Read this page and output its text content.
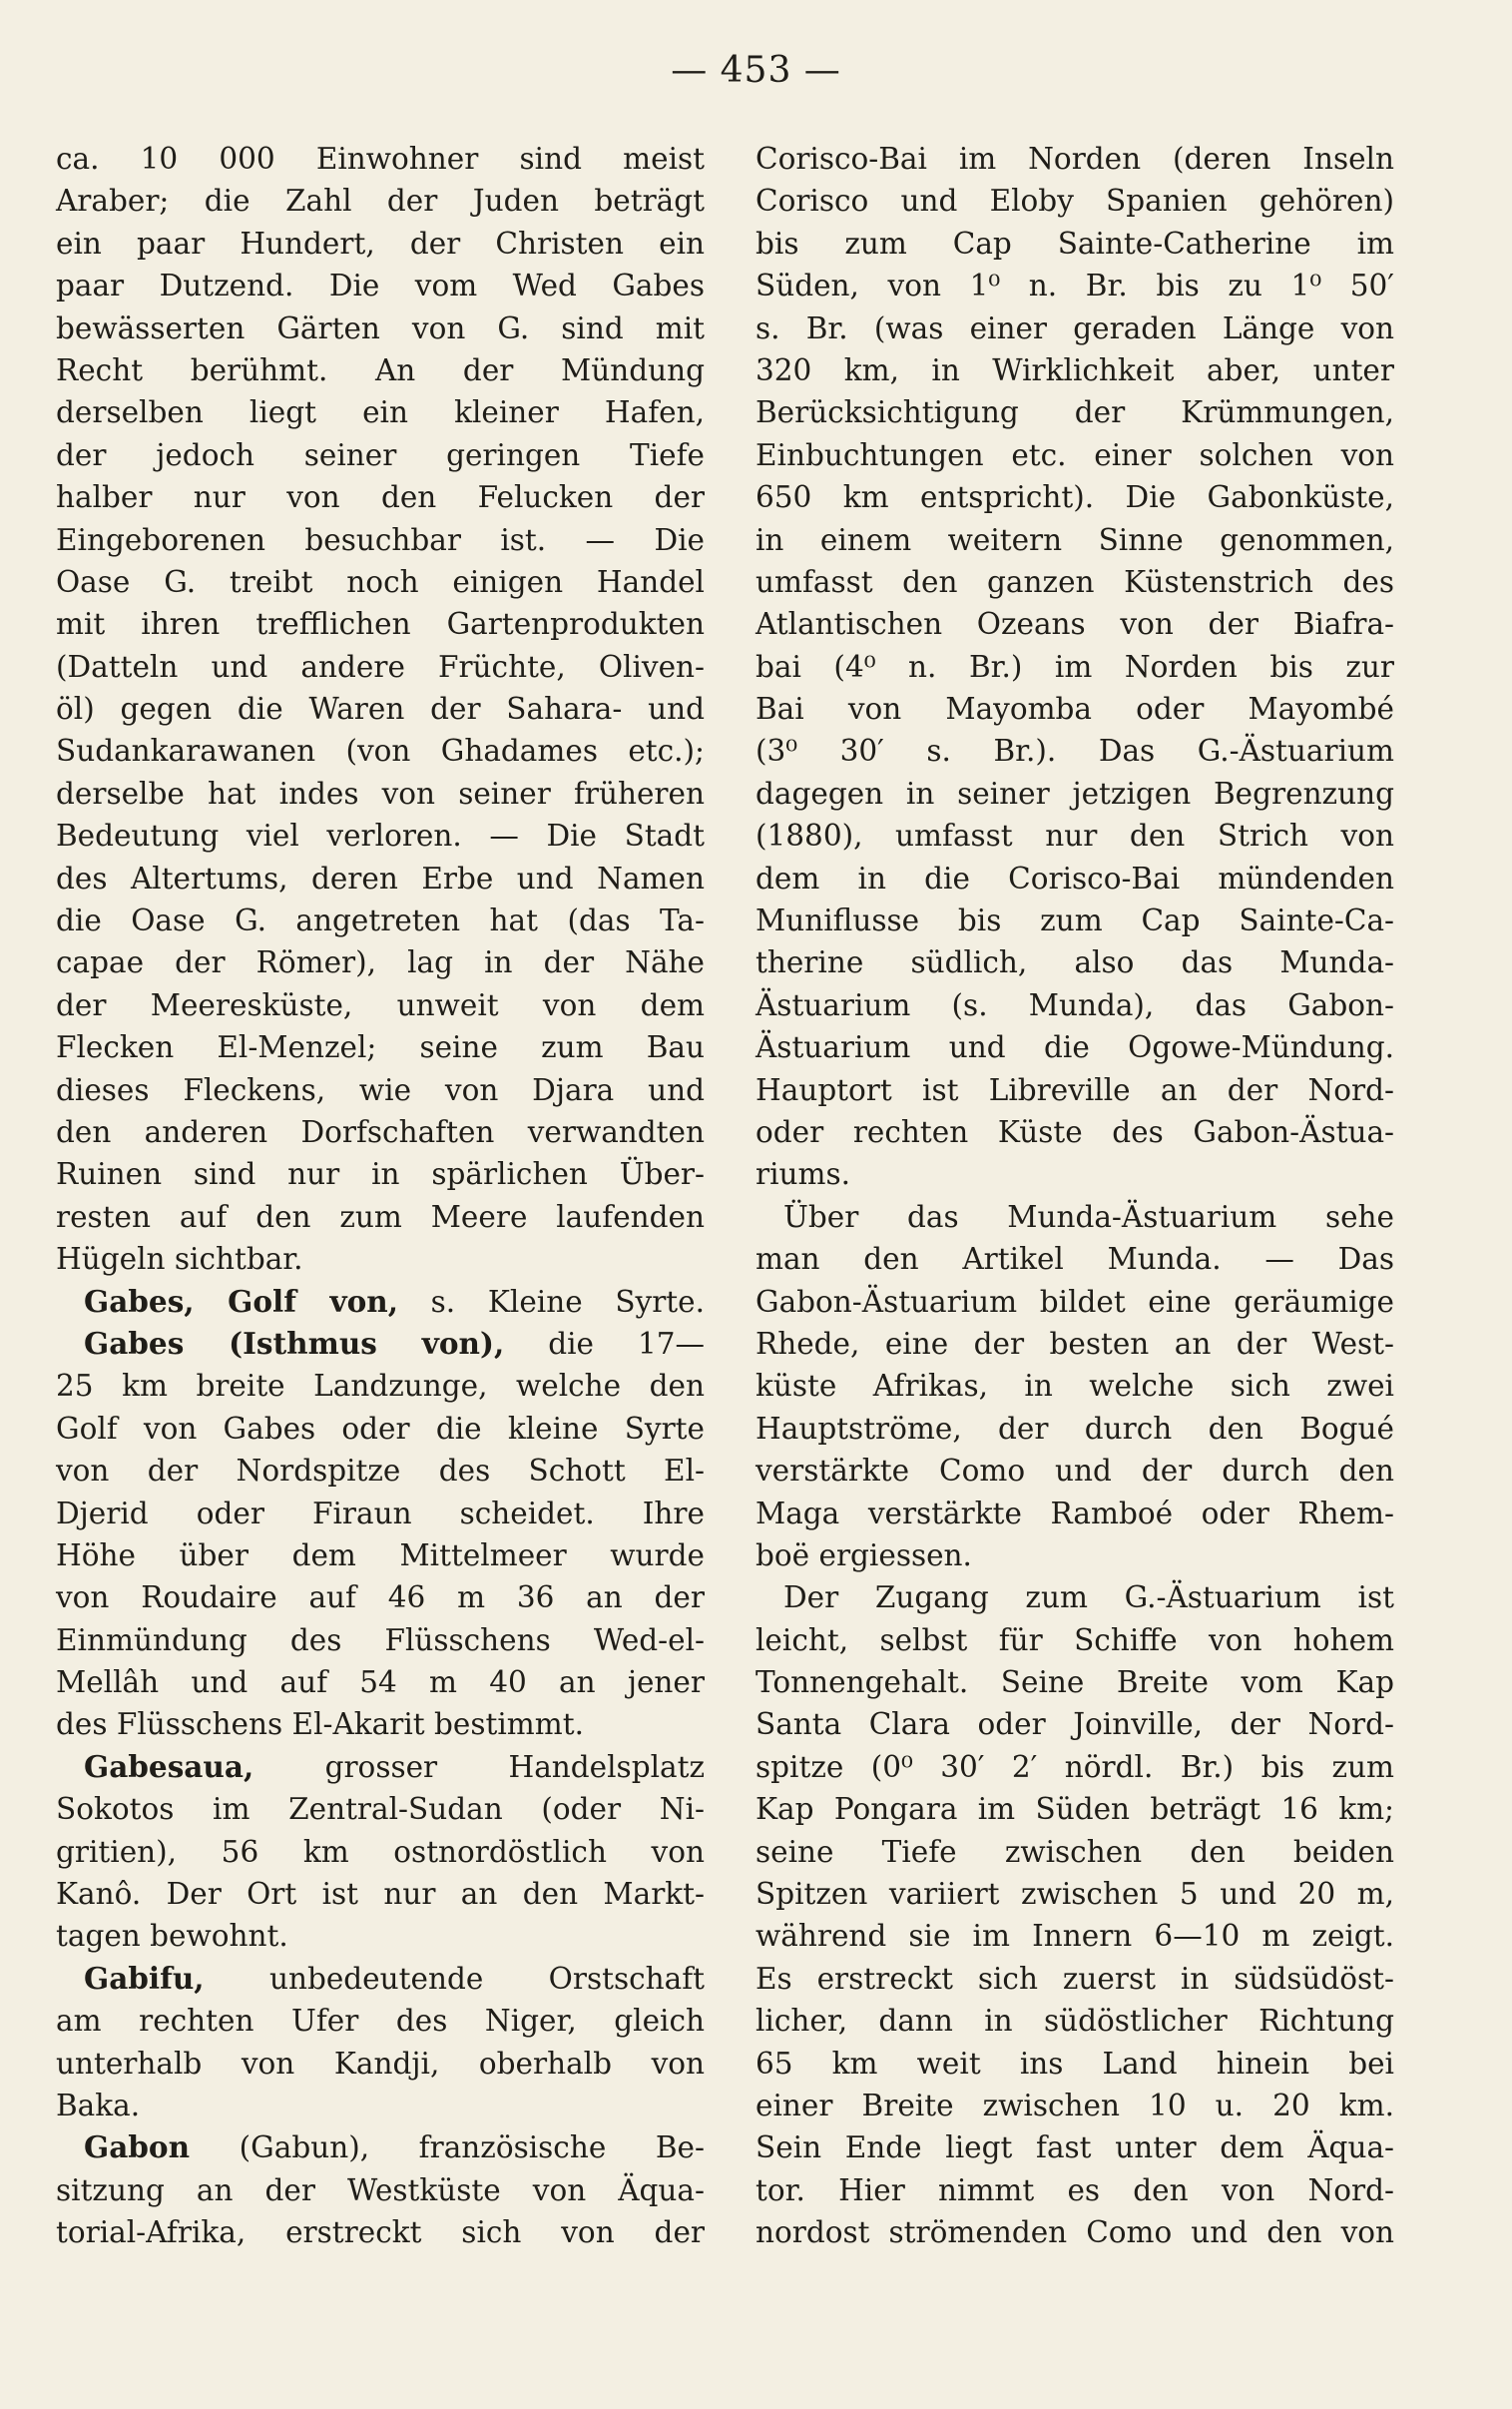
— 453 —
ca. 10 000 Einwohner sind meist
Araber; die Zahl der Juden beträgt
ein paar Hundert, der Christen ein
paar Dutzend. Die vom Wed Gabes
bewässerten Gärten von G. sind mit
Recht berühmt. An der Mündung
derselben liegt ein kleiner Hafen,
der jedoch seiner geringen Tiefe
halber nur von den Felucken der
Eingeborenen besuchbar ist. — Die
Oase G. treibt noch einigen Handel
mit ihren trefflichen Gartenprodukten
(Datteln und andere Früchte, Oliven-
öl) gegen die Waren der Sahara- und
Sudankarawanen (von Ghadames etc.);
derselbe hat indes von seiner früheren
Bedeutung viel verloren. — Die Stadt
des Altertums, deren Erbe und Namen
die Oase G. angetreten hat (das Ta-
capae der Römer), lag in der Nähe
der Meeresküste, unweit von dem
Flecken El-Menzel; seine zum Bau
dieses Fleckens, wie von Djara und
den anderen Dorfschaften verwandten
Ruinen sind nur in spärlichen Über-
resten auf den zum Meere laufenden
Hügeln sichtbar.
Gabes, Golf von, s. Kleine Syrte.
Gabes (Isthmus von), die 17—
25 km breite Landzunge, welche den
Golf von Gabes oder die kleine Syrte
von der Nordspitze des Schott El-
Djerid oder Firaun scheidet. Ihre
Höhe über dem Mittelmeer wurde
von Roudaire auf 46 m 36 an der
Einmündung des Flüsschens Wed-el-
Mellâh und auf 54 m 40 an jener
des Flüsschens El-Akarit bestimmt.
Gabesaua, grosser Handelsplatz
Sokotos im Zentral-Sudan (oder Ni-
gritien), 56 km ostnordöstlich von
Kanô. Der Ort ist nur an den Markt-
tagen bewohnt.
Gabifu, unbedeutende Orstschaft
am rechten Ufer des Niger, gleich
unterhalb von Kandji, oberhalb von
Baka.
Gabon (Gabun), französische Be-
sitzung an der Westküste von Äqua-
torial-Afrika, erstreckt sich von der
Corisco-Bai im Norden (deren Inseln
Corisco und Eloby Spanien gehören)
bis zum Cap Sainte-Catherine im
Süden, von 1⁰ n. Br. bis zu 1⁰ 50′
s. Br. (was einer geraden Länge von
320 km, in Wirklichkeit aber, unter
Berücksichtigung der Krümmungen,
Einbuchtungen etc. einer solchen von
650 km entspricht). Die Gabonküste,
in einem weitern Sinne genommen,
umfasst den ganzen Küstenstrich des
Atlantischen Ozeans von der Biafra-
bai (4⁰ n. Br.) im Norden bis zur
Bai von Mayomba oder Mayombé
(3⁰ 30′ s. Br.). Das G.-Ästuarium
dagegen in seiner jetzigen Begrenzung
(1880), umfasst nur den Strich von
dem in die Corisco-Bai mündenden
Muniflusse bis zum Cap Sainte-Ca-
therine südlich, also das Munda-
Ästuarium (s. Munda), das Gabon-
Ästuarium und die Ogowe-Mündung.
Hauptort ist Libreville an der Nord-
oder rechten Küste des Gabon-Ästua-
riums.
Über das Munda-Ästuarium sehe
man den Artikel Munda. — Das
Gabon-Ästuarium bildet eine geräumige
Rhede, eine der besten an der West-
küste Afrikas, in welche sich zwei
Hauptströme, der durch den Bogué
verstärkte Como und der durch den
Maga verstärkte Ramboé oder Rhem-
boë ergiessen.
Der Zugang zum G.-Ästuarium ist
leicht, selbst für Schiffe von hohem
Tonnengehalt. Seine Breite vom Kap
Santa Clara oder Joinville, der Nord-
spitze (0⁰ 30′ 2′ nördl. Br.) bis zum
Kap Pongara im Süden beträgt 16 km;
seine Tiefe zwischen den beiden
Spitzen variiert zwischen 5 und 20 m,
während sie im Innern 6—10 m zeigt.
Es erstreckt sich zuerst in südsüdöst-
licher, dann in südöstlicher Richtung
65 km weit ins Land hinein bei
einer Breite zwischen 10 u. 20 km.
Sein Ende liegt fast unter dem Äqua-
tor. Hier nimmt es den von Nord-
nordost strömenden Como und den von
